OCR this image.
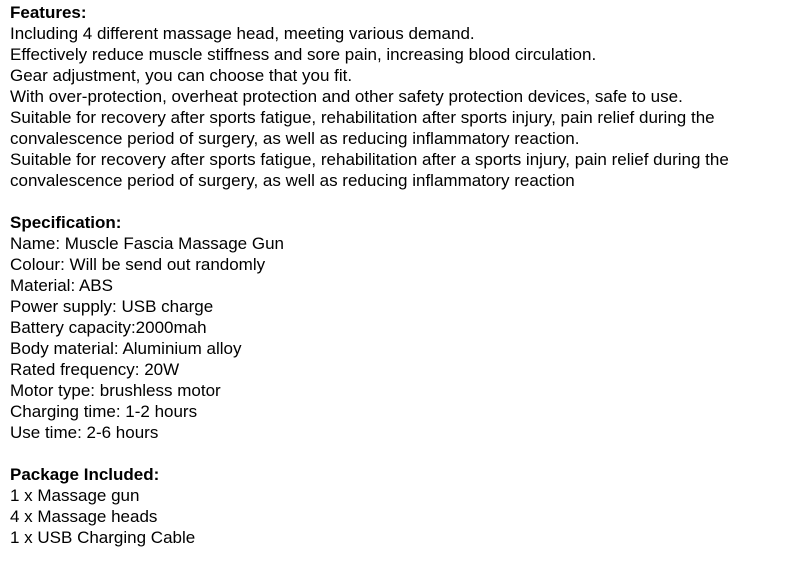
Features:
Including 4 different massage head, meeting various demand.
Effectively reduce muscle stiffness and sore pain, increasing blood circulation.
Gear adjustment, you can choose that you fit.
With over-protection, overheat protection and other safety protection devices, safe to use.
Suitable for recovery after sports fatigue, rehabilitation after sports injury, pain relief during the convalescence period of surgery, as well as reducing inflammatory reaction.
Suitable for recovery after sports fatigue, rehabilitation after a sports injury, pain relief during the convalescence period of surgery, as well as reducing inflammatory reaction
Specification:
Name: Muscle Fascia Massage Gun
Colour: Will be send out randomly
Material: ABS
Power supply: USB charge
Battery capacity:2000mah
Body material: Aluminium alloy
Rated frequency: 20W
Motor type: brushless motor
Charging time: 1-2 hours
Use time: 2-6 hours
Package Included:
1 x Massage gun
4 x Massage heads
1 x USB Charging Cable
